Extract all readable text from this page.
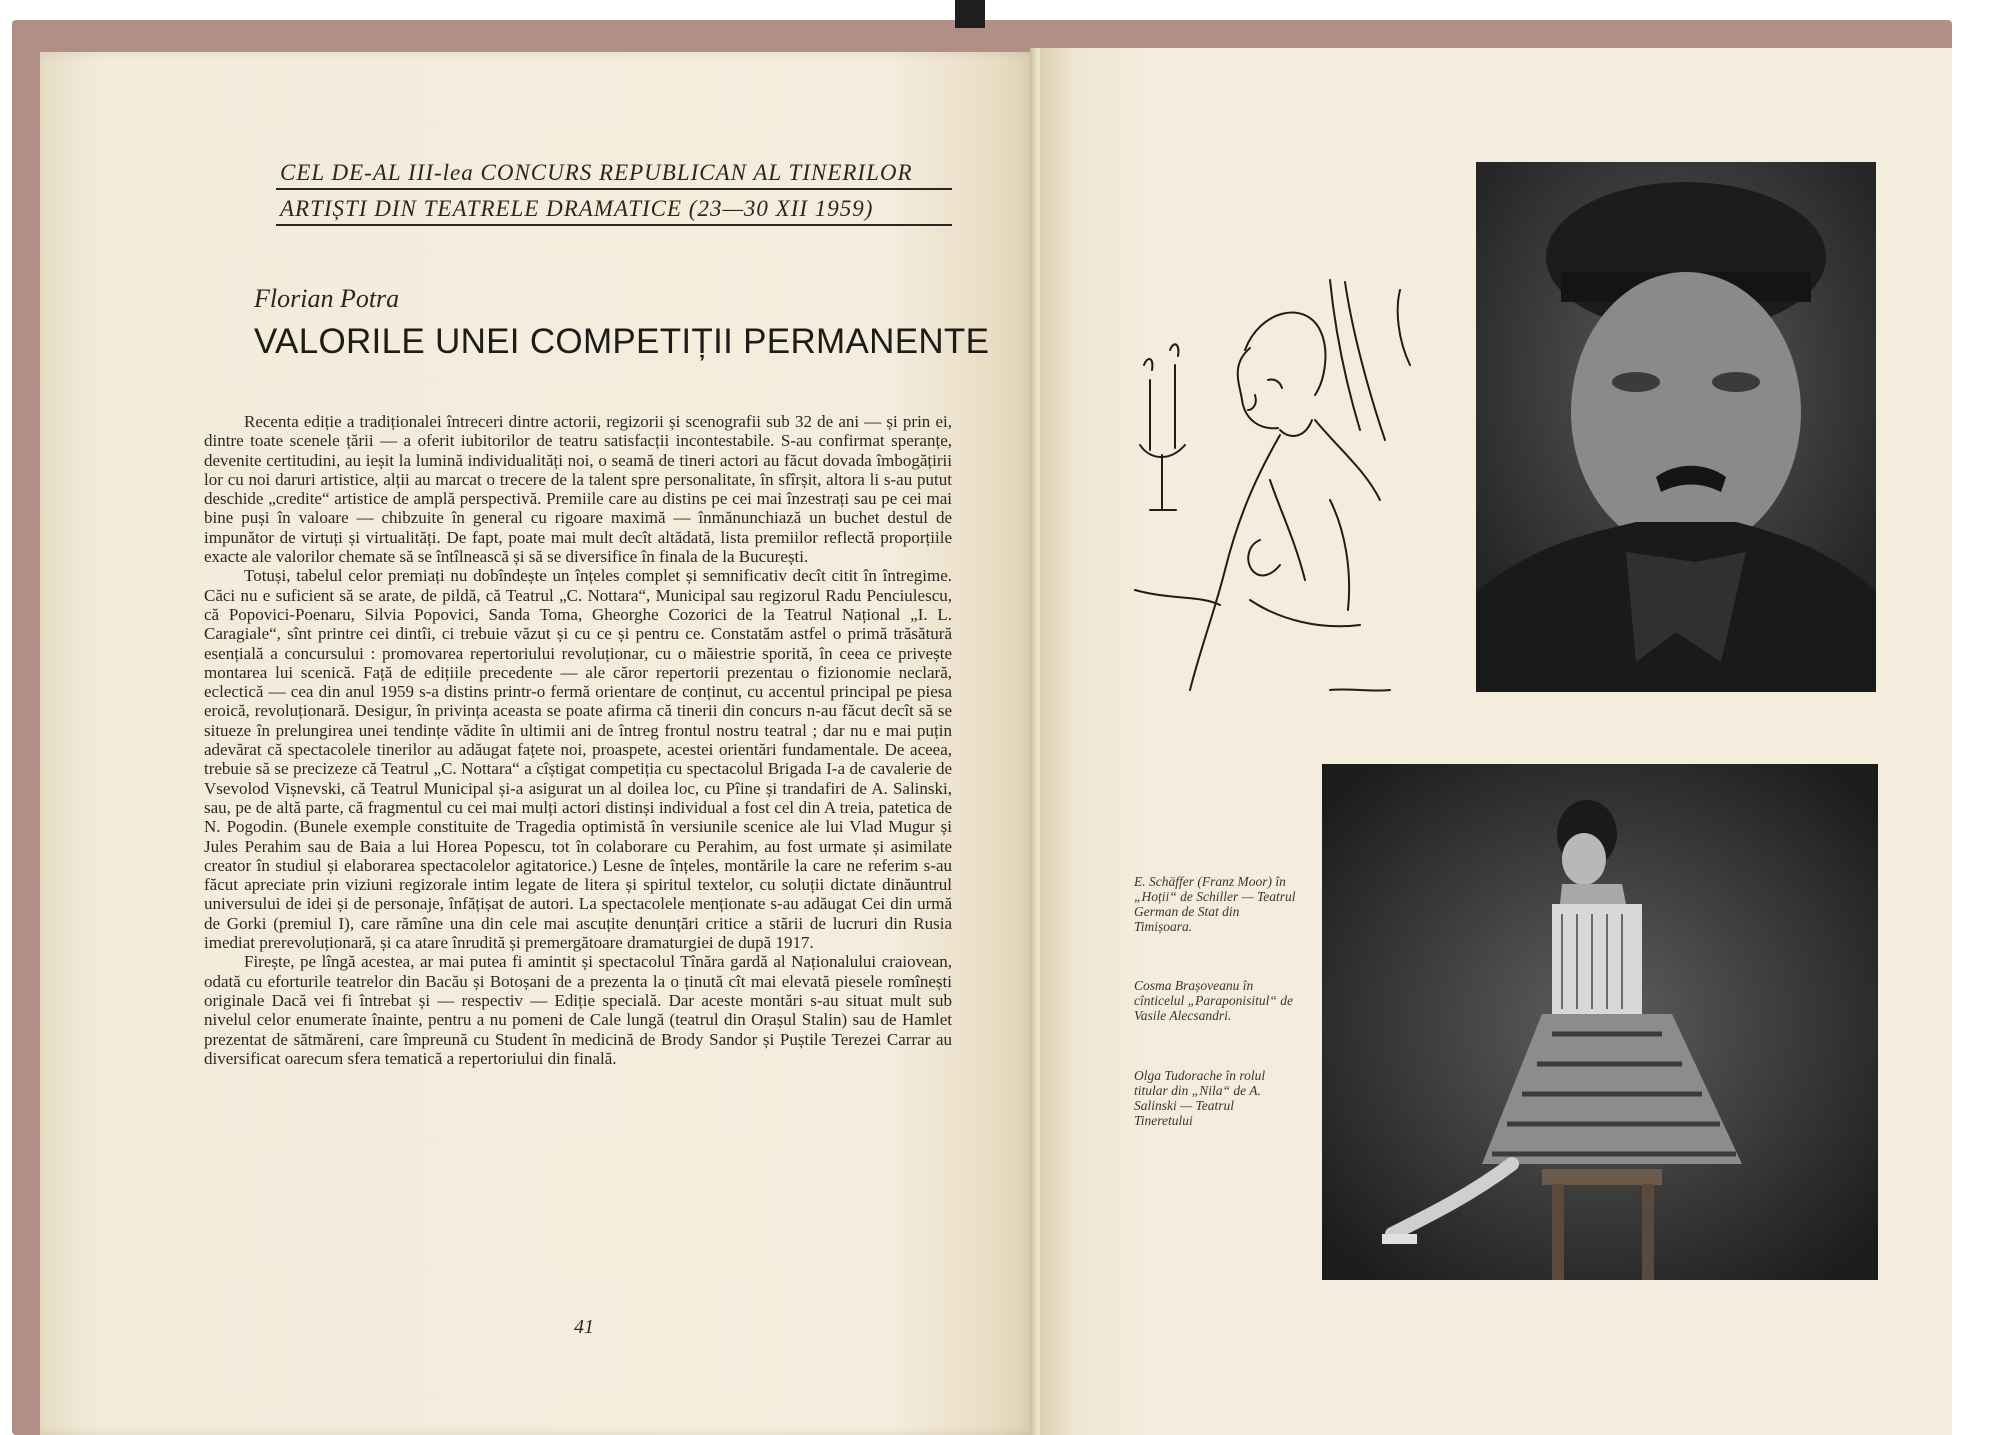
CEL DE-AL III-lea CONCURS REPUBLICAN AL TINERILOR
ARTIȘTI DIN TEATRELE DRAMATICE (23—30 XII 1959)
Florian Potra
VALORILE UNEI COMPETIȚII PERMANENTE

Recenta ediție a tradiționalei întreceri dintre actorii, regizorii și scenografii sub 32 de ani — și prin ei, dintre toate scenele țării — a oferit iubitorilor de teatru satisfacții incontestabile. S-au confirmat speranțe, devenite certitudini, au ieșit la lumină individualități noi, o seamă de tineri actori au făcut dovada îmbogățirii lor cu noi daruri artistice, alții au marcat o trecere de la talent spre personalitate, în sfîrșit, altora li s-au putut deschide „credite“ artistice de amplă perspectivă. Premiile care au distins pe cei mai înzestrați sau pe cei mai bine puși în valoare — chibzuite în general cu rigoare maximă — înmănunchiază un buchet destul de impunător de virtuți și virtualități. De fapt, poate mai mult decît altădată, lista premiilor reflectă proporțiile exacte ale valorilor chemate să se întîlnească și să se diversifice în finala de la București.

Totuși, tabelul celor premiați nu dobîndește un înțeles complet și semnificativ decît citit în întregime. Căci nu e suficient să se arate, de pildă, că Teatrul „C. Nottara“, Municipal sau regizorul Radu Penciulescu, că Popovici-Poenaru, Silvia Popovici, Sanda Toma, Gheorghe Cozorici de la Teatrul Național „I. L. Caragiale“, sînt printre cei dintîi, ci trebuie văzut și cu ce și pentru ce. Constatăm astfel o primă trăsătură esențială a concursului : promovarea repertoriului revoluționar, cu o măiestrie sporită, în ceea ce privește montarea lui scenică. Față de edițiile precedente — ale căror repertorii prezentau o fizionomie neclară, eclectică — cea din anul 1959 s-a distins printr-o fermă orientare de conținut, cu accentul principal pe piesa eroică, revoluționară. Desigur, în privința aceasta se poate afirma că tinerii din concurs n-au făcut decît să se situeze în prelungirea unei tendințe vădite în ultimii ani de întreg frontul nostru teatral ; dar nu e mai puțin adevărat că spectacolele tinerilor au adăugat fațete noi, proaspete, acestei orientări fundamentale. De aceea, trebuie să se precizeze că Teatrul „C. Nottara“ a cîștigat competiția cu spectacolul Brigada I-a de cavalerie de Vsevolod Vișnevski, că Teatrul Municipal și-a asigurat un al doilea loc, cu Pîine și trandafiri de A. Salinski, sau, pe de altă parte, că fragmentul cu cei mai mulți actori distinși individual a fost cel din A treia, patetica de N. Pogodin. (Bunele exemple constituite de Tragedia optimistă în versiunile scenice ale lui Vlad Mugur și Jules Perahim sau de Baia a lui Horea Popescu, tot în colaborare cu Perahim, au fost urmate și asimilate creator în studiul și elaborarea spectacolelor agitatorice.) Lesne de înțeles, montările la care ne referim s-au făcut apreciate prin viziuni regizorale intim legate de litera și spiritul textelor, cu soluții dictate dinăuntrul universului de idei și de personaje, înfățișat de autori. La spectacolele menționate s-au adăugat Cei din urmă de Gorki (premiul I), care rămîne una din cele mai ascuțite denunțări critice a stării de lucruri din Rusia imediat prerevoluționară, și ca atare înrudită și premergătoare dramaturgiei de după 1917.

Firește, pe lîngă acestea, ar mai putea fi amintit și spectacolul Tînăra gardă al Naționalului craiovean, odată cu eforturile teatrelor din Bacău și Botoșani de a prezenta la o ținută cît mai elevată piesele romînești originale Dacă vei fi întrebat și — respectiv — Ediție specială. Dar aceste montări s-au situat mult sub nivelul celor enumerate înainte, pentru a nu pomeni de Cale lungă (teatrul din Orașul Stalin) sau de Hamlet prezentat de sătmăreni, care împreună cu Student în medicină de Brody Sandor și Puștile Terezei Carrar au diversificat oarecum sfera tematică a repertoriului din finală.

41
E. Schäffer (Franz Moor) în „Hoții“ de Schiller — Teatrul German de Stat din Timișoara.
Cosma Brașoveanu în cînticelul „Paraponisitul“ de Vasile Alecsandri.
Olga Tudorache în rolul titular din „Nila“ de A. Salinski — Teatrul Tineretului
